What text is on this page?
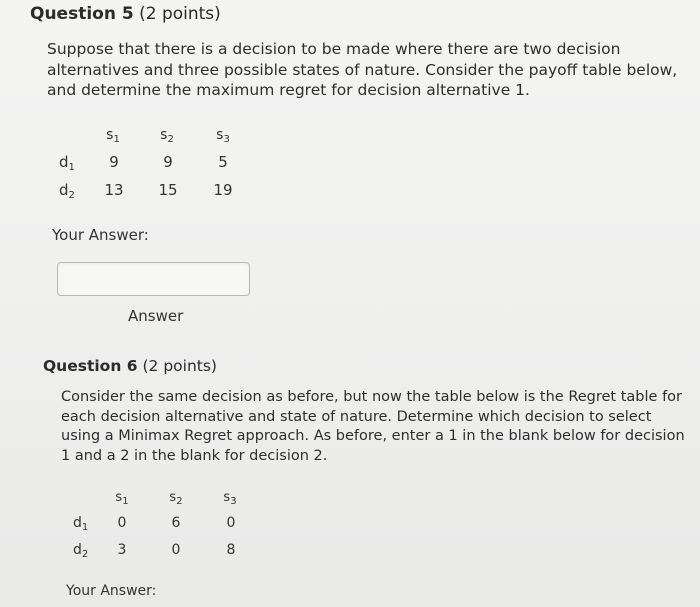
Question 5 (2 points)
Suppose that there is a decision to be made where there are two decision alternatives and three possible states of nature. Consider the payoff table below, and determine the maximum regret for decision alternative 1.
$s_1$	$s_2$	$s_3$
$d_1$ 9	9	5
$d_2$ 13 15 19
Your Answer:
Answer
Question 6 (2 points)
Consider the same decision as before, but now the table below is the Regret table for each decision alternative and state of nature. Determine which decision to select using a Minimax Regret approach. As before, enter a 1 in the blank below for decision 1 and a 2 in the blank for decision 2.
$s_1$	$s_2$	$s_3$
$d_1$ 0	6	0
$d_2$ 3	0	8
Your Answer:
